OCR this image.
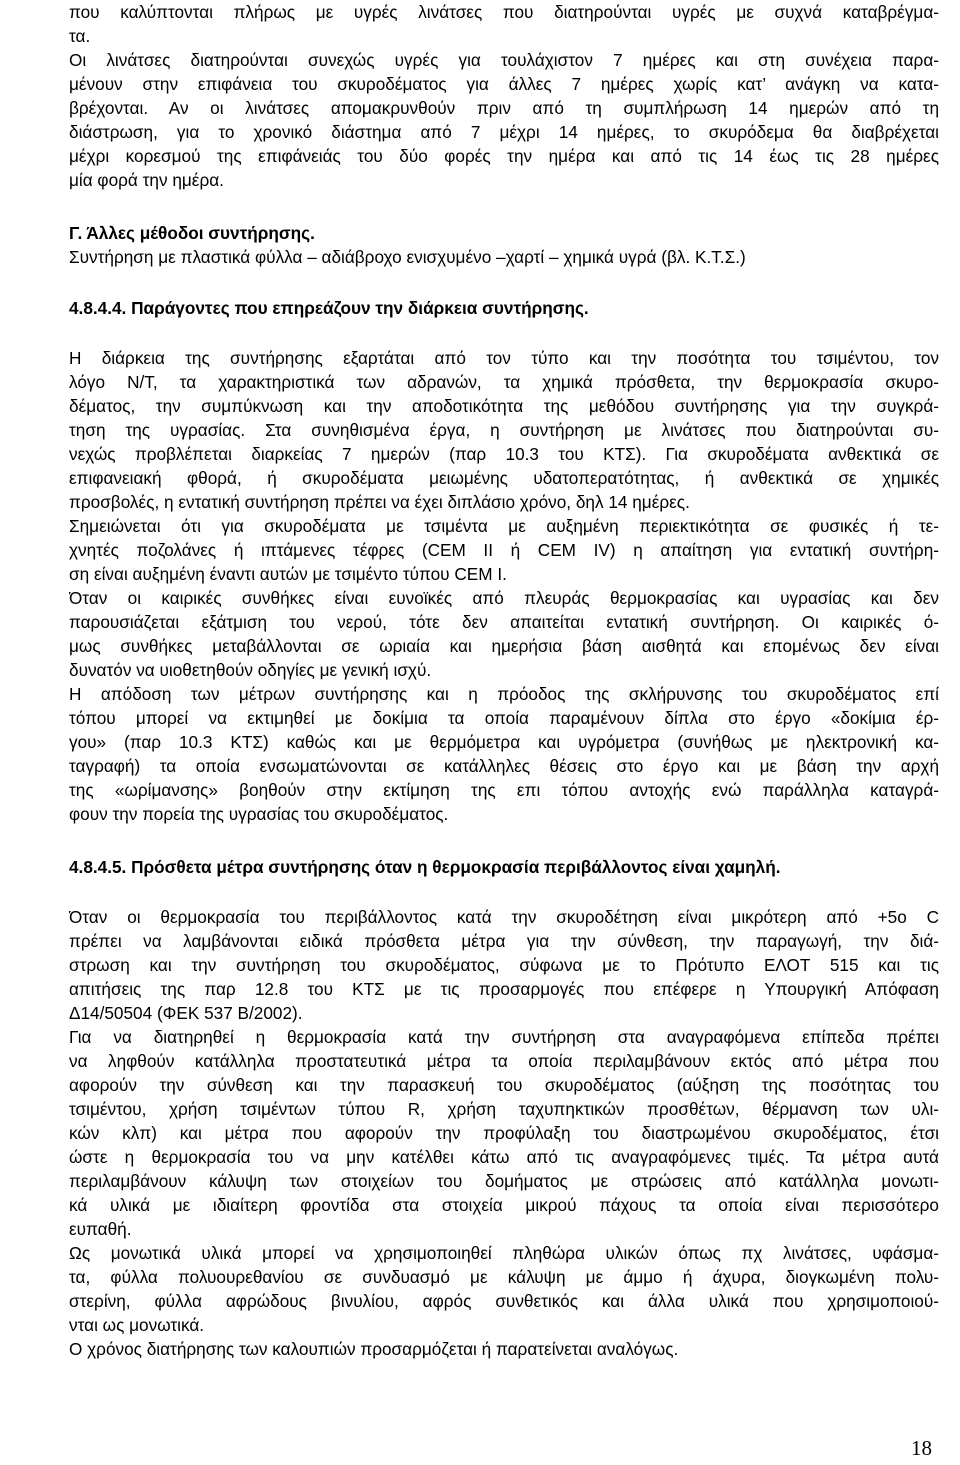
που καλύπτονται πλήρως με υγρές λινάτσες που διατηρούνται υγρές με συχνά καταβρέγμα-
τα.
Οι λινάτσες διατηρούνται συνεχώς υγρές για τουλάχιστον 7 ημέρες και στη συνέχεια παρα-
μένουν στην επιφάνεια του σκυροδέματος για άλλες 7 ημέρες χωρίς κατ’ ανάγκη να κατα-
βρέχονται. Αν οι λινάτσες απομακρυνθούν πριν από τη συμπλήρωση 14 ημερών από τη
διάστρωση, για το χρονικό διάστημα από 7 μέχρι 14 ημέρες, το σκυρόδεμα θα διαβρέχεται
μέχρι κορεσμού της επιφάνειάς του δύο φορές την ημέρα και από τις 14 έως τις 28 ημέρες
μία φορά την ημέρα.
Γ. Άλλες μέθοδοι συντήρησης.
Συντήρηση με πλαστικά φύλλα – αδιάβροχο ενισχυμένο –χαρτί – χημικά υγρά (βλ. Κ.Τ.Σ.)
4.8.4.4. Παράγοντες που επηρεάζουν την διάρκεια συντήρησης.
Η διάρκεια της συντήρησης εξαρτάται από τον τύπο και την ποσότητα του τσιμέντου, τον
λόγο Ν/Τ, τα χαρακτηριστικά των αδρανών, τα χημικά πρόσθετα, την θερμοκρασία σκυρο-
δέματος, την συμπύκνωση και την αποδοτικότητα της μεθόδου συντήρησης για την συγκρά-
τηση της υγρασίας. Στα συνηθισμένα έργα, η συντήρηση με λινάτσες που διατηρούνται συ-
νεχώς προβλέπεται διαρκείας 7 ημερών (παρ 10.3 του ΚΤΣ). Για σκυροδέματα ανθεκτικά σε
επιφανειακή φθορά, ή σκυροδέματα μειωμένης υδατοπερατότητας, ή ανθεκτικά σε χημικές
προσβολές, η εντατική συντήρηση πρέπει να έχει διπλάσιο χρόνο, δηλ 14 ημέρες.
Σημειώνεται ότι για σκυροδέματα με τσιμέντα με αυξημένη περιεκτικότητα σε φυσικές ή τε-
χνητές ποζολάνες ή ιπτάμενες τέφρες (CEM II ή CEM IV) η απαίτηση για εντατική συντήρη-
ση είναι αυξημένη έναντι αυτών με τσιμέντο τύπου CEM I.
Όταν οι καιρικές συνθήκες είναι ευνοϊκές από πλευράς θερμοκρασίας και υγρασίας και δεν
παρουσιάζεται εξάτμιση του νερού, τότε δεν απαιτείται εντατική συντήρηση. Οι καιρικές ό-
μως συνθήκες μεταβάλλονται σε ωριαία και ημερήσια βάση αισθητά και επομένως δεν είναι
δυνατόν να υιοθετηθούν οδηγίες με γενική ισχύ.
Η απόδοση των μέτρων συντήρησης και η πρόοδος της σκλήρυνσης του σκυροδέματος επί
τόπου μπορεί να εκτιμηθεί με δοκίμια τα οποία παραμένουν δίπλα στο έργο «δοκίμια έρ-
γου» (παρ 10.3 ΚΤΣ) καθώς και με θερμόμετρα και υγρόμετρα (συνήθως με ηλεκτρονική κα-
ταγραφή) τα οποία ενσωματώνονται σε κατάλληλες θέσεις στο έργο και με βάση την αρχή
της «ωρίμανσης» βοηθούν στην εκτίμηση της επι τόπου αντοχής ενώ παράλληλα καταγρά-
φουν την πορεία της υγρασίας του σκυροδέματος.
4.8.4.5. Πρόσθετα μέτρα συντήρησης όταν η θερμοκρασία περιβάλλοντος είναι χαμηλή.
Όταν οι θερμοκρασία του περιβάλλοντος κατά την σκυροδέτηση είναι μικρότερη από +5ο C
πρέπει να λαμβάνονται ειδικά πρόσθετα μέτρα για την σύνθεση, την παραγωγή, την διά-
στρωση και την συντήρηση του σκυροδέματος, σύφωνα με το Πρότυπο ΕΛΟΤ 515 και τις
απιτήσεις της παρ 12.8 του ΚΤΣ με τις προσαρμογές που επέφερε η Υπουργική Απόφαση
Δ14/50504 (ΦΕΚ 537 Β/2002).
Για να διατηρηθεί η θερμοκρασία κατά την συντήρηση στα αναγραφόμενα επίπεδα πρέπει
να ληφθούν κατάλληλα προστατευτικά μέτρα τα οποία περιλαμβάνουν εκτός από μέτρα που
αφορούν την σύνθεση και την παρασκευή του σκυροδέματος (αύξηση της ποσότητας του
τσιμέντου, χρήση τσιμέντων τύπου R, χρήση ταχυπηκτικών προσθέτων, θέρμανση των υλι-
κών κλπ) και μέτρα που αφορούν την προφύλαξη του διαστρωμένου σκυροδέματος, έτσι
ώστε η θερμοκρασία του να μην κατέλθει κάτω από τις αναγραφόμενες τιμές. Τα μέτρα αυτά
περιλαμβάνουν κάλυψη των στοιχείων του δομήματος με στρώσεις από κατάλληλα μονωτι-
κά υλικά με ιδιαίτερη φροντίδα στα στοιχεία μικρού πάχους τα οποία είναι περισσότερο
ευπαθή.
Ως μονωτικά υλικά μπορεί να χρησιμοποιηθεί πληθώρα υλικών όπως πχ λινάτσες, υφάσμα-
τα, φύλλα πολυουρεθανίου σε συνδυασμό με κάλυψη με άμμο ή άχυρα, διογκωμένη πολυ-
στερίνη, φύλλα αφρώδους βινυλίου, αφρός συνθετικός και άλλα υλικά που χρησιμοποιού-
νται ως μονωτικά.
Ο χρόνος διατήρησης των καλουπιών προσαρμόζεται ή παρατείνεται αναλόγως.
18
